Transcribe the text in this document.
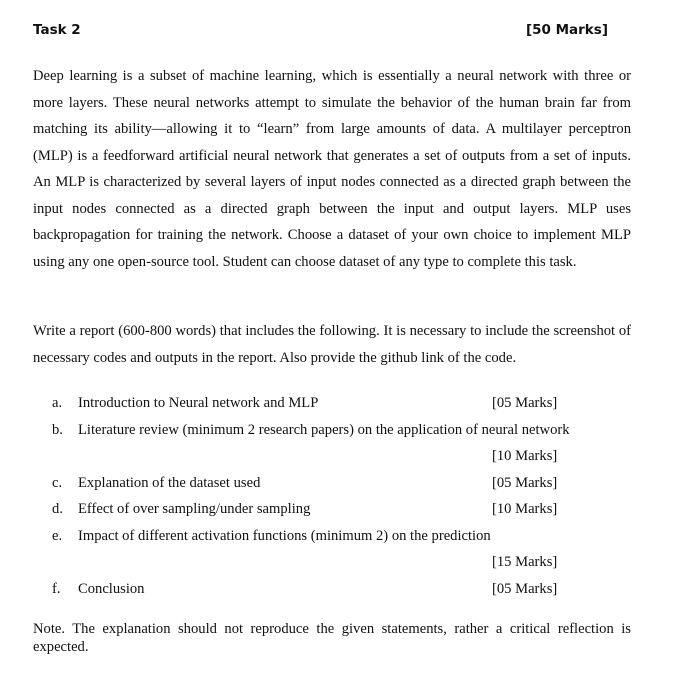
Task 2	[50 Marks]

Deep learning is a subset of machine learning, which is essentially a neural network with three or more layers. These neural networks attempt to simulate the behavior of the human brain far from matching its ability—allowing it to “learn” from large amounts of data. A multilayer perceptron (MLP) is a feedforward artificial neural network that generates a set of outputs from a set of inputs. An MLP is characterized by several layers of input nodes connected as a directed graph between the input nodes connected as a directed graph between the input and output layers. MLP uses backpropagation for training the network. Choose a dataset of your own choice to implement MLP using any one open-source tool. Student can choose dataset of any type to complete this task.

Write a report (600-800 words) that includes the following. It is necessary to include the screenshot of necessary codes and outputs in the report. Also provide the github link of the code.

a.	Introduction to Neural network and MLP	[05 Marks]
b.	Literature review (minimum 2 research papers) on the application of neural network
[10 Marks]
c.	Explanation of the dataset used	[05 Marks]
d.	Effect of over sampling/under sampling	[10 Marks]
e.	Impact of different activation functions (minimum 2) on the prediction
[15 Marks]
f.	Conclusion	[05 Marks]

Note. The explanation should not reproduce the given statements, rather a critical reflection is expected.
